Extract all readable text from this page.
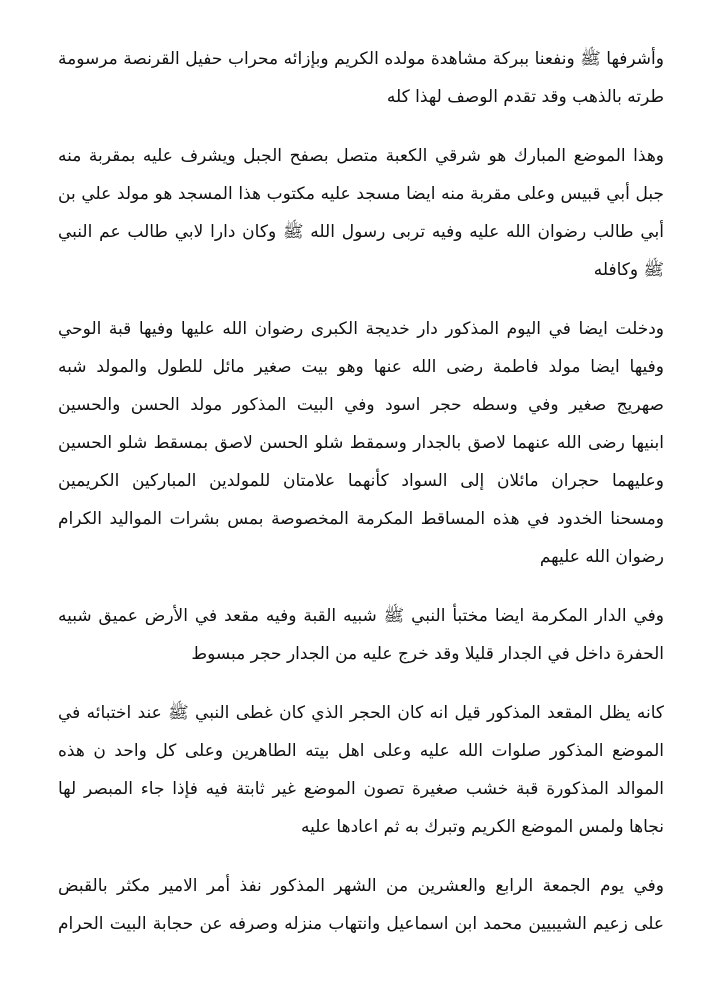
وأشرفها ﷺ ونفعنا ببركة مشاهدة مولده الكريم وبإزائه محراب حفيل القرنصة مرسومة
طرته بالذهب وقد تقدم الوصف لهذا كله
وهذا الموضع المبارك هو شرقي الكعبة متصل بصفح الجبل ويشرف عليه بمقربة منه
جبل أبي قبيس وعلى مقربة منه ايضا مسجد عليه مكتوب هذا المسجد هو مولد علي بن
أبي طالب رضوان الله عليه وفيه تربى رسول الله ﷺ وكان دارا لابي طالب عم النبي
ﷺ وكافله
ودخلت ايضا في اليوم المذكور دار خديجة الكبرى رضوان الله عليها وفيها قبة الوحي
وفيها ايضا مولد فاطمة رضى الله عنها وهو بيت صغير مائل للطول والمولد شبه
صهريج صغير وفي وسطه حجر اسود وفي البيت المذكور مولد الحسن والحسين
ابنيها رضى الله عنهما لاصق بالجدار وسمقط شلو الحسن لاصق بمسقط شلو الحسين
وعليهما حجران مائلان إلى السواد كأنهما علامتان للمولدين المباركين الكريمين
ومسحنا الخدود في هذه المساقط المكرمة المخصوصة بمس بشرات المواليد الكرام
رضوان الله عليهم
وفي الدار المكرمة ايضا مختبأ النبي ﷺ شبيه القبة وفيه مقعد في الأرض عميق شبيه
الحفرة داخل في الجدار قليلا وقد خرج عليه من الجدار حجر مبسوط
كانه يظل المقعد المذكور قيل انه كان الحجر الذي كان غطى النبي ﷺ عند اختبائه في
الموضع المذكور صلوات الله عليه وعلى اهل بيته الطاهرين وعلى كل واحد ن هذه
الموالد المذكورة قبة خشب صغيرة تصون الموضع غير ثابتة فيه فإذا جاء المبصر لها
نجاها ولمس الموضع الكريم وتبرك به ثم اعادها عليه
وفي يوم الجمعة الرابع والعشرين من الشهر المذكور نفذ أمر الامير مكثر بالقبض
على زعيم الشيبيين محمد ابن اسماعيل وانتهاب منزله وصرفه عن حجابة البيت الحرام
